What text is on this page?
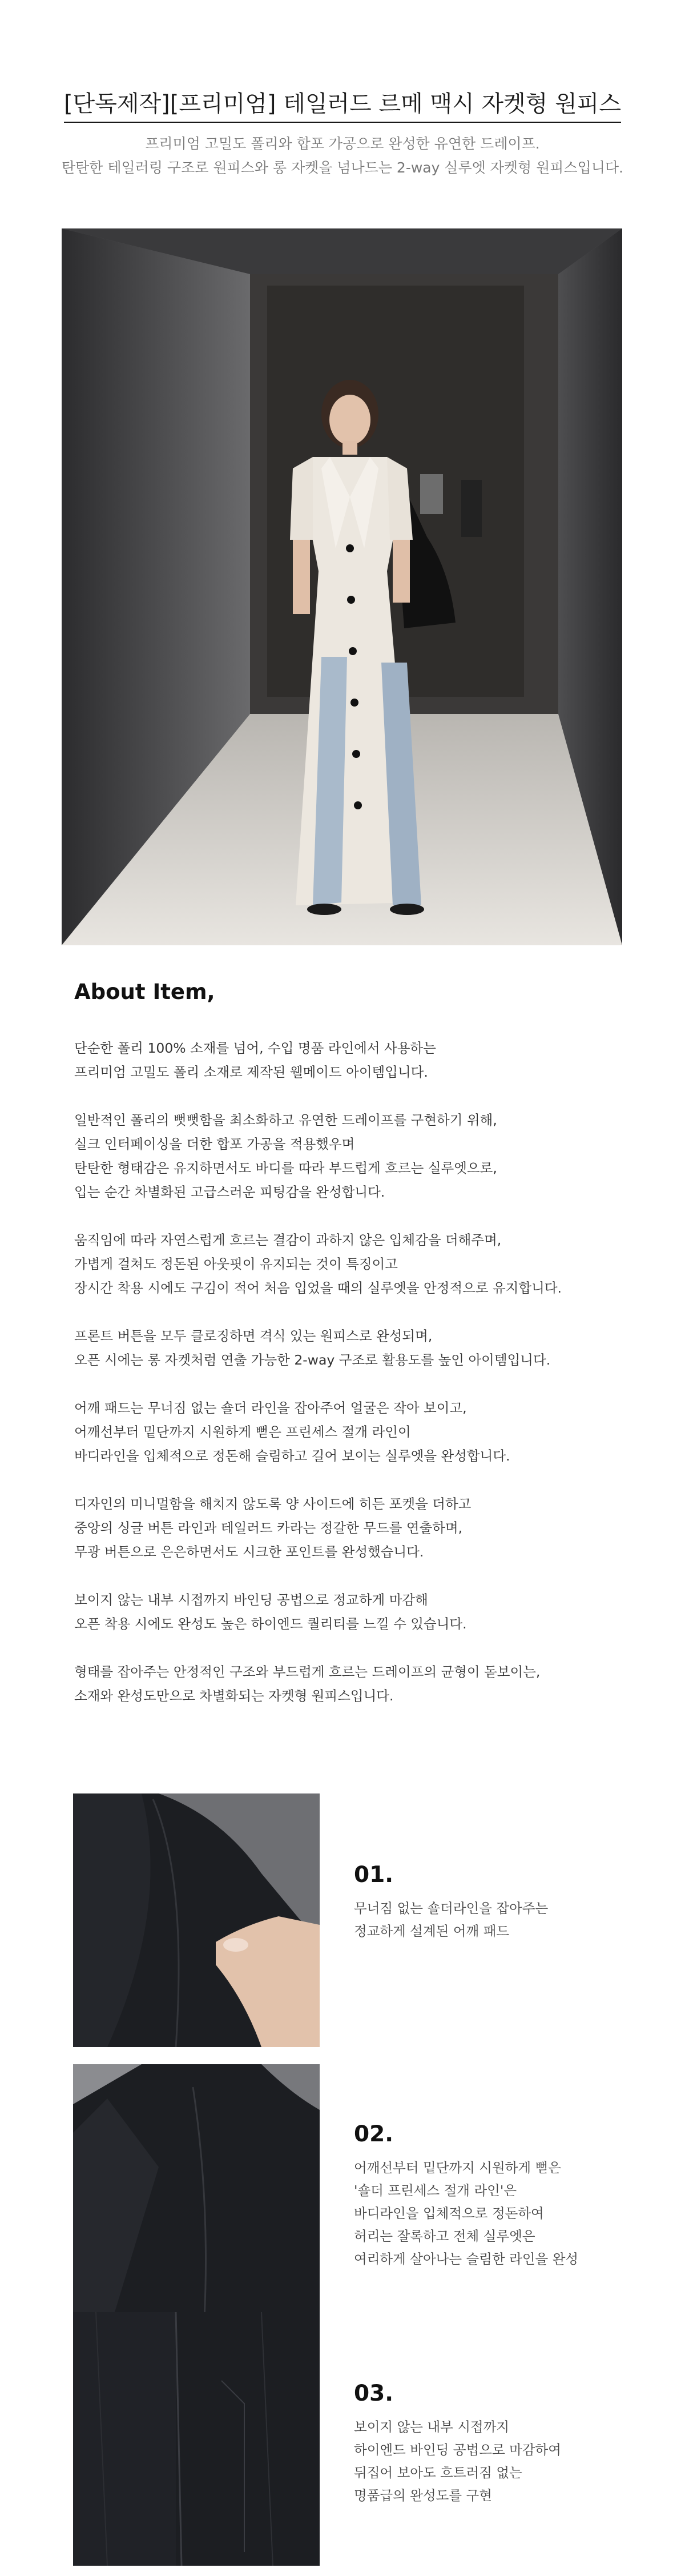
[단독제작][프리미엄] 테일러드 르메 맥시 자켓형 원피스
프리미엄 고밀도 폴리와 합포 가공으로 완성한 유연한 드레이프.
탄탄한 테일러링 구조로 원피스와 롱 자켓을 넘나드는 2-way 실루엣 자켓형 원피스입니다.
About Item,

단순한 폴리 100% 소재를 넘어, 수입 명품 라인에서 사용하는
프리미엄 고밀도 폴리 소재로 제작된 웰메이드 아이템입니다.

일반적인 폴리의 뻣뻣함을 최소화하고 유연한 드레이프를 구현하기 위해,
실크 인터페이싱을 더한 합포 가공을 적용했우며
탄탄한 형태감은 유지하면서도 바디를 따라 부드럽게 흐르는 실루엣으로,
입는 순간 차별화된 고급스러운 피팅감을 완성합니다.

움직임에 따라 자연스럽게 흐르는 결감이 과하지 않은 입체감을 더해주며,
가볍게 걸쳐도 정돈된 아웃핏이 유지되는 것이 특징이고
장시간 착용 시에도 구김이 적어 처음 입었을 때의 실루엣을 안정적으로 유지합니다.

프론트 버튼을 모두 클로징하면 격식 있는 원피스로 완성되며,
오픈 시에는 롱 자켓처럼 연출 가능한 2-way 구조로 활용도를 높인 아이템입니다.

어깨 패드는 무너짐 없는 숄더 라인을 잡아주어 얼굴은 작아 보이고,
어깨선부터 밑단까지 시원하게 뻗은 프린세스 절개 라인이
바디라인을 입체적으로 정돈해 슬림하고 길어 보이는 실루엣을 완성합니다.

디자인의 미니멀함을 해치지 않도록 양 사이드에 히든 포켓을 더하고
중앙의 싱글 버튼 라인과 테일러드 카라는 정갈한 무드를 연출하며,
무광 버튼으로 은은하면서도 시크한 포인트를 완성했습니다.

보이지 않는 내부 시접까지 바인딩 공법으로 정교하게 마감해
오픈 착용 시에도 완성도 높은 하이엔드 퀄리티를 느낄 수 있습니다.

형태를 잡아주는 안정적인 구조와 부드럽게 흐르는 드레이프의 균형이 돋보이는,
소재와 완성도만으로 차별화되는 자켓형 원피스입니다.

01.
무너짐 없는 숄더라인을 잡아주는
정교하게 설계된 어깨 패드
02.
어깨선부터 밑단까지 시원하게 뻗은
'숄더 프린세스 절개 라인'은
바디라인을 입체적으로 정돈하여
허리는 잘록하고 전체 실루엣은
여리하게 살아나는 슬림한 라인을 완성
03.
보이지 않는 내부 시접까지
하이엔드 바인딩 공법으로 마감하여
뒤집어 보아도 흐트러짐 없는
명품급의 완성도를 구현
